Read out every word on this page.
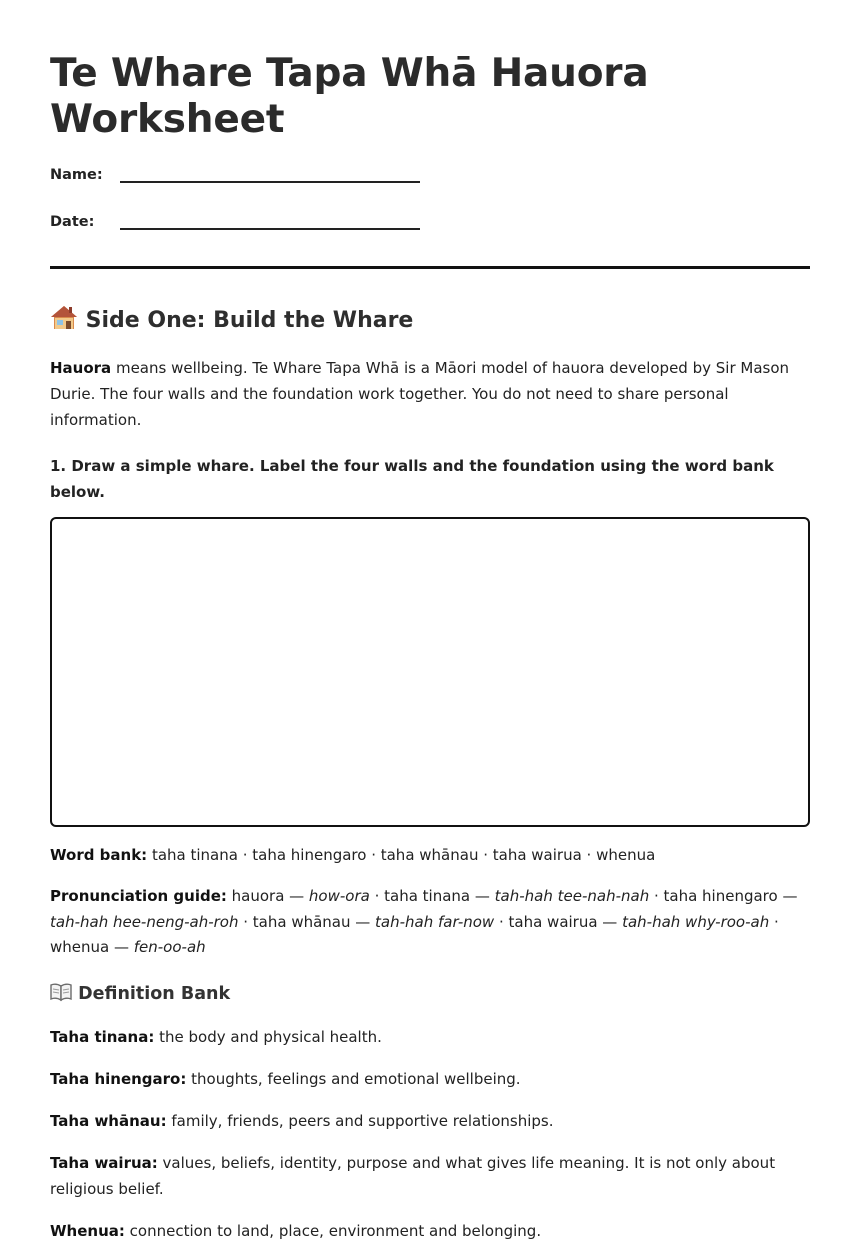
Te Whare Tapa Whā Hauora Worksheet
Name:
Date:
Side One: Build the Whare

Hauora means wellbeing. Te Whare Tapa Whā is a Māori model of hauora developed by Sir Mason Durie. The four walls and the foundation work together. You do not need to share personal information.

1. Draw a simple whare. Label the four walls and the foundation using the word bank below.

Word bank: taha tinana · taha hinengaro · taha whānau · taha wairua · whenua

Pronunciation guide: hauora — how-ora · taha tinana — tah-hah tee-nah-nah · taha hinengaro — tah-hah hee-neng-ah-roh · taha whānau — tah-hah far-now · taha wairua — tah-hah why-roo-ah · whenua — fen-oo-ah

Definition Bank

Taha tinana: the body and physical health.

Taha hinengaro: thoughts, feelings and emotional wellbeing.

Taha whānau: family, friends, peers and supportive relationships.

Taha wairua: values, beliefs, identity, purpose and what gives life meaning. It is not only about religious belief.

Whenua: connection to land, place, environment and belonging.
